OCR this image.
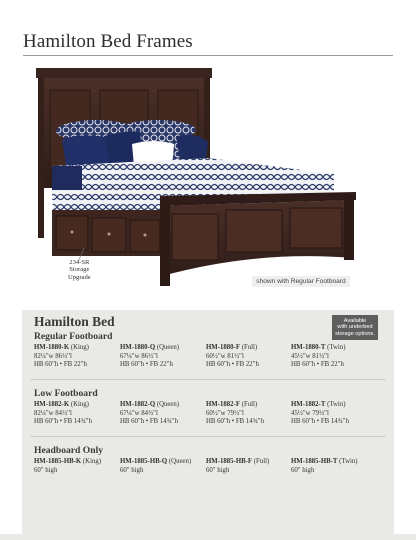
Hamilton Bed Frames
234-SR
Storage
Upgrade
shown with Regular Footboard
Hamilton Bed	Available
with underbed
storage options.
Regular Footboard
HM-1880-K (King)
82¼"w 86½"l
HB 60"h • FB 22"h
HM-1880-Q (Queen)
67¼"w 86½"l
HB 60"h • FB 22"h
HM-1880-F (Full)
60½"w 81½"l
HB 60"h • FB 22"h
HM-1880-T (Twin)
45½"w 81½"l
HB 60"h • FB 22"h
Low Footboard
HM-1882-K (King)
82¼"w 84½"l
HB 60"h • FB 14¾"h
HM-1882-Q (Queen)
67¼"w 84½"l
HB 60"h • FB 14¾"h
HM-1882-F (Full)
60½"w 79½"l
HB 60"h • FB 14¾"h
HM-1882-T (Twin)
45½"w 79½"l
HB 60"h • FB 14¾"h
Headboard Only
HM-1885-HB-K (King)
60" high
HM-1885-HB-Q (Queen)
60" high
HM-1885-HB-F (Full)
60" high
HM-1885-HB-T (Twin)
60" high
